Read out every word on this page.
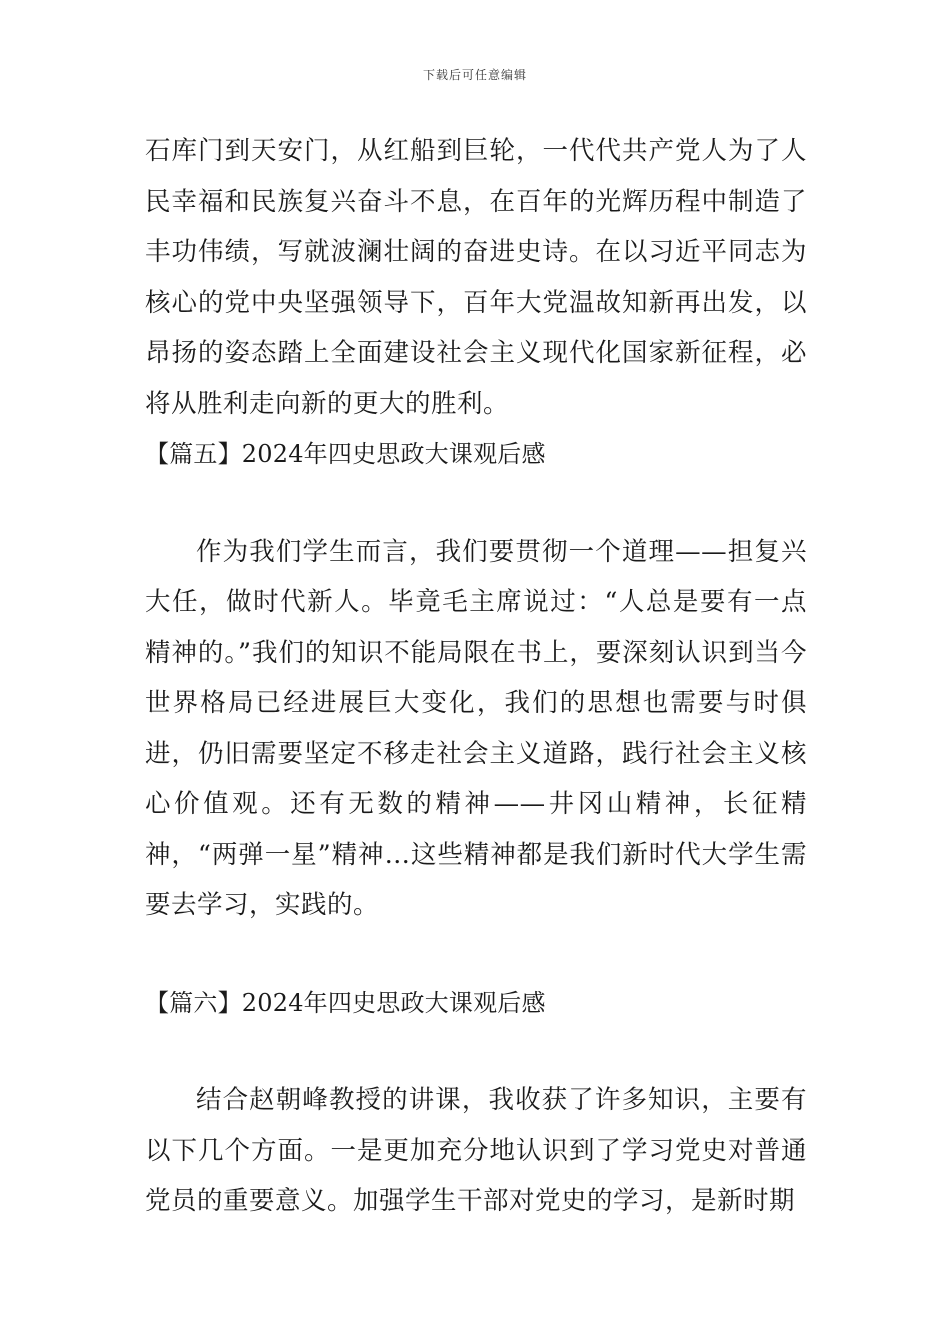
下载后可任意编辑

石库门到天安门，从红船到巨轮，一代代共产党人为了人民幸福和民族复兴奋斗不息，在百年的光辉历程中制造了丰功伟绩，写就波澜壮阔的奋进史诗。在以习近平同志为核心的党中央坚强领导下，百年大党温故知新再出发，以昂扬的姿态踏上全面建设社会主义现代化国家新征程，必将从胜利走向新的更大的胜利。

【篇五】2024年四史思政大课观后感

作为我们学生而言，我们要贯彻一个道理——担复兴大任，做时代新人。毕竟毛主席说过：“人总是要有一点精神的。”我们的知识不能局限在书上，要深刻认识到当今世界格局已经进展巨大变化，我们的思想也需要与时俱进，仍旧需要坚定不移走社会主义道路，践行社会主义核心价值观。还有无数的精神——井冈山精神，长征精神，“两弹一星”精神…这些精神都是我们新时代大学生需要去学习，实践的。

【篇六】2024年四史思政大课观后感

结合赵朝峰教授的讲课，我收获了许多知识，主要有以下几个方面。一是更加充分地认识到了学习党史对普通党员的重要意义。加强学生干部对党史的学习，是新时期
